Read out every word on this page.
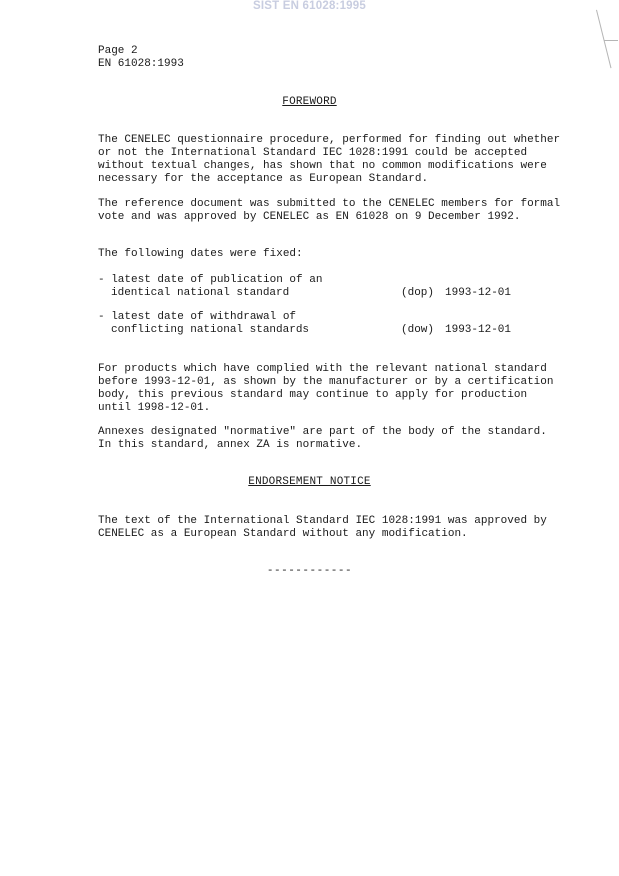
SIST EN 61028:1995
Page 2
EN 61028:1993
FOREWORD
The CENELEC questionnaire procedure, performed for finding out whether
or not the International Standard IEC 1028:1991 could be accepted
without textual changes, has shown that no common modifications were
necessary for the acceptance as European Standard.
The reference document was submitted to the CENELEC members for formal
vote and was approved by CENELEC as EN 61028 on 9 December 1992.
The following dates were fixed:
- latest date of publication of an
identical national standard	(dop) 1993-12-01
- latest date of withdrawal of
conflicting national standards	(dow) 1993-12-01
For products which have complied with the relevant national standard
before 1993-12-01, as shown by the manufacturer or by a certification
body, this previous standard may continue to apply for production
until 1998-12-01.
Annexes designated "normative" are part of the body of the standard.
In this standard, annex ZA is normative.
ENDORSEMENT NOTICE
The text of the International Standard IEC 1028:1991 was approved by
CENELEC as a European Standard without any modification.
------------
